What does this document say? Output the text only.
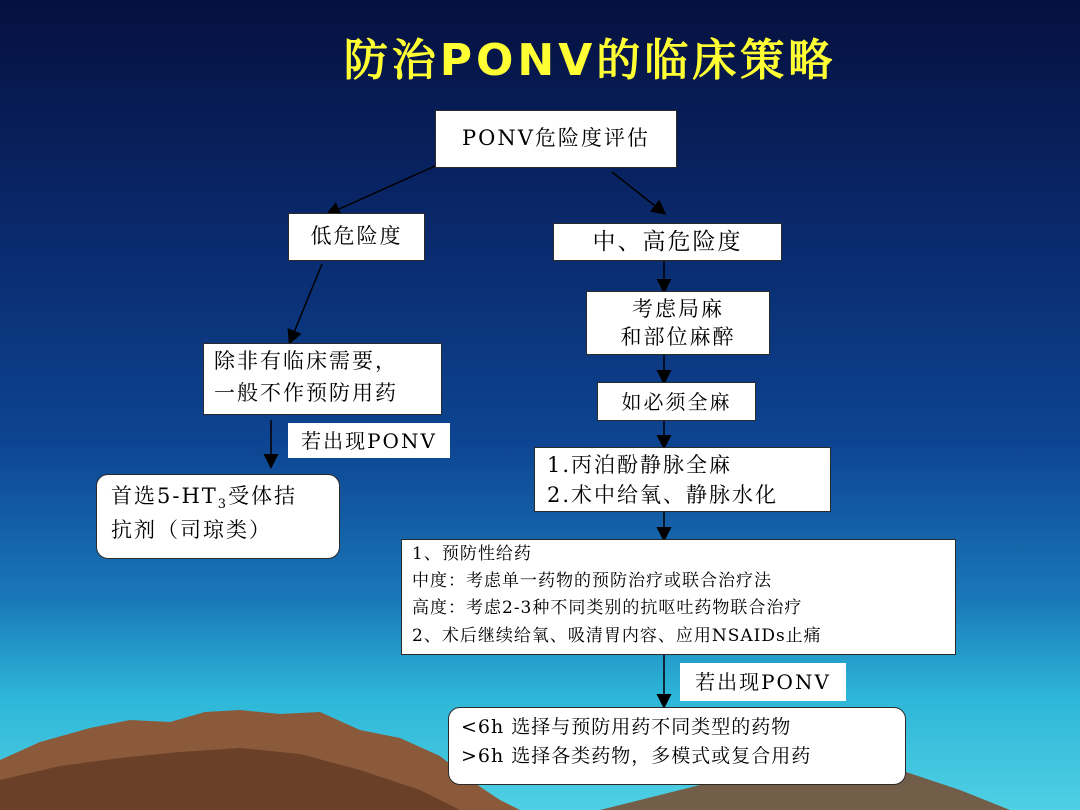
防治PONV的临床策略
PONV危险度评估
低危险度	中、高危险度
除非有临床需要，
一般不作预防用药
若出现PONV
首选$5-HT_3$受体拮
抗剂（司琼类）
考虑局麻
和部位麻醉
如必须全麻
1.丙泊酚静脉全麻
2.术中给氧、静脉水化
1、预防性给药
中度：考虑单一药物的预防治疗或联合治疗法
高度：考虑2-3种不同类别的抗呕吐药物联合治疗
2、术后继续给氧、吸清胃内容、应用NSAIDs止痛
若出现PONV
<6h 选择与预防用药不同类型的药物
>6h 选择各类药物，多模式或复合用药
